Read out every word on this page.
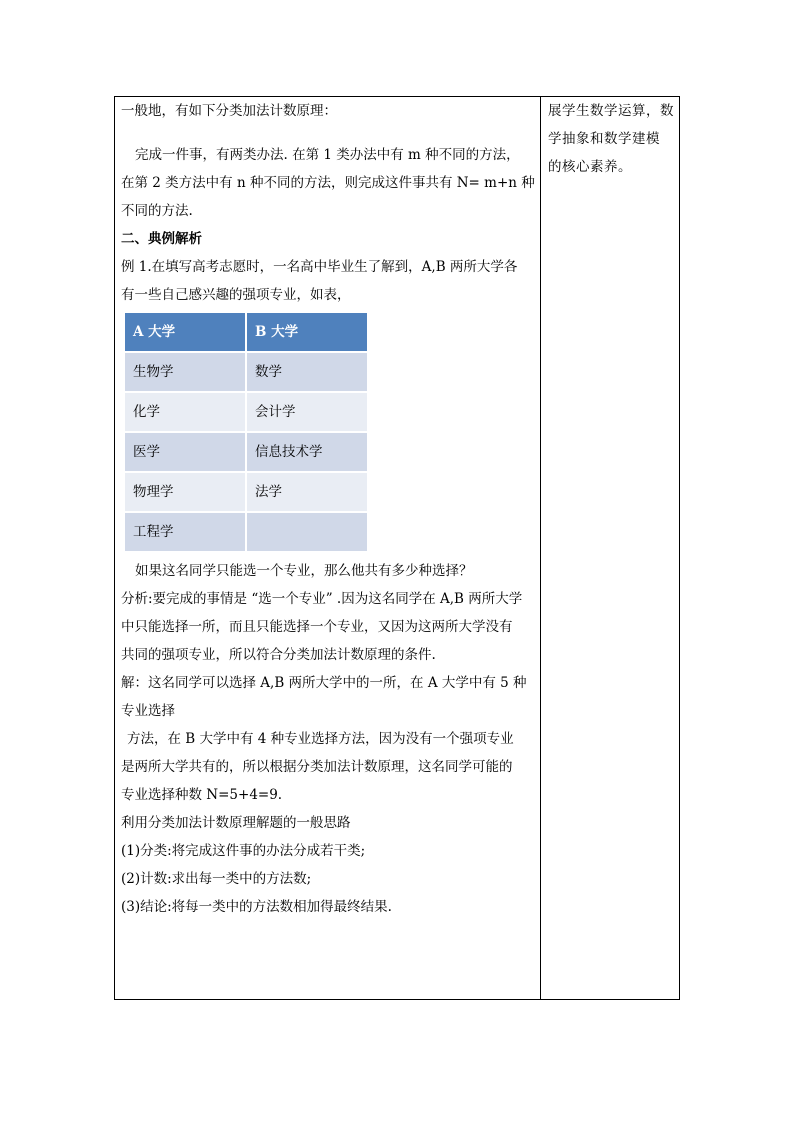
一般地，有如下分类加法计数原理：

完成一件事，有两类办法. 在第 1 类办法中有 m 种不同的方法，

在第 2 类方法中有 n 种不同的方法，则完成这件事共有 N= m+n 种

不同的方法.

二、典例解析

例 1.在填写高考志愿时，一名高中毕业生了解到，A,B 两所大学各

有一些自己感兴趣的强项专业，如表，

A 大学	B 大学
生物学	数学
化学	会计学
医学	信息技术学
物理学	法学
工程学	

如果这名同学只能选一个专业，那么他共有多少种选择？

分析:要完成的事情是 “选一个专业” .因为这名同学在 A,B 两所大学

中只能选择一所，而且只能选择一个专业，又因为这两所大学没有

共同的强项专业，所以符合分类加法计数原理的条件.

解：这名同学可以选择 A,B 两所大学中的一所，在 A 大学中有 5 种

专业选择

方法，在 B 大学中有 4 种专业选择方法，因为没有一个强项专业

是两所大学共有的，所以根据分类加法计数原理，这名同学可能的

专业选择种数 N=5+4=9.

利用分类加法计数原理解题的一般思路

(1)分类:将完成这件事的办法分成若干类;

(2)计数:求出每一类中的方法数;

(3)结论:将每一类中的方法数相加得最终结果.

展学生数学运算，数

学抽象和数学建模

的核心素养。
